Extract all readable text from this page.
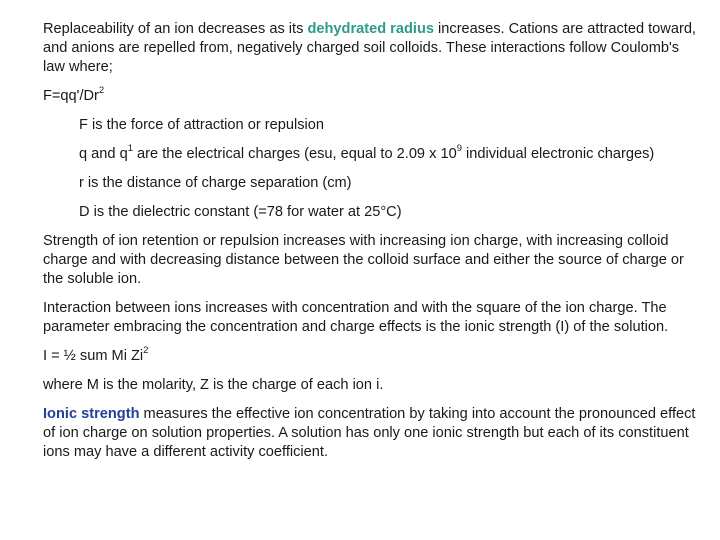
Replaceability of an ion decreases as its dehydrated radius increases. Cations are attracted toward, and anions are repelled from, negatively charged soil colloids. These interactions follow Coulomb's law where;

$F=qq'/Dr^2$

F is the force of attraction or repulsion

q and $q^1$ are the electrical charges (esu, equal to 2.09 x $10^9$ individual electronic charges)

r is the distance of charge separation (cm)

D is the dielectric constant (=78 for water at 25°C)

Strength of ion retention or repulsion increases with increasing ion charge, with increasing colloid charge and with decreasing distance between the colloid surface and either the source of charge or the soluble ion.

Interaction between ions increases with concentration and with the square of the ion charge. The parameter embracing the concentration and charge effects is the ionic strength (I) of the solution.

I = ½ sum Mi Zi$^2$

where M is the molarity, Z is the charge of each ion i.

Ionic strength measures the effective ion concentration by taking into account the pronounced effect of ion charge on solution properties. A solution has only one ionic strength but each of its constituent ions may have a different activity coefficient.
